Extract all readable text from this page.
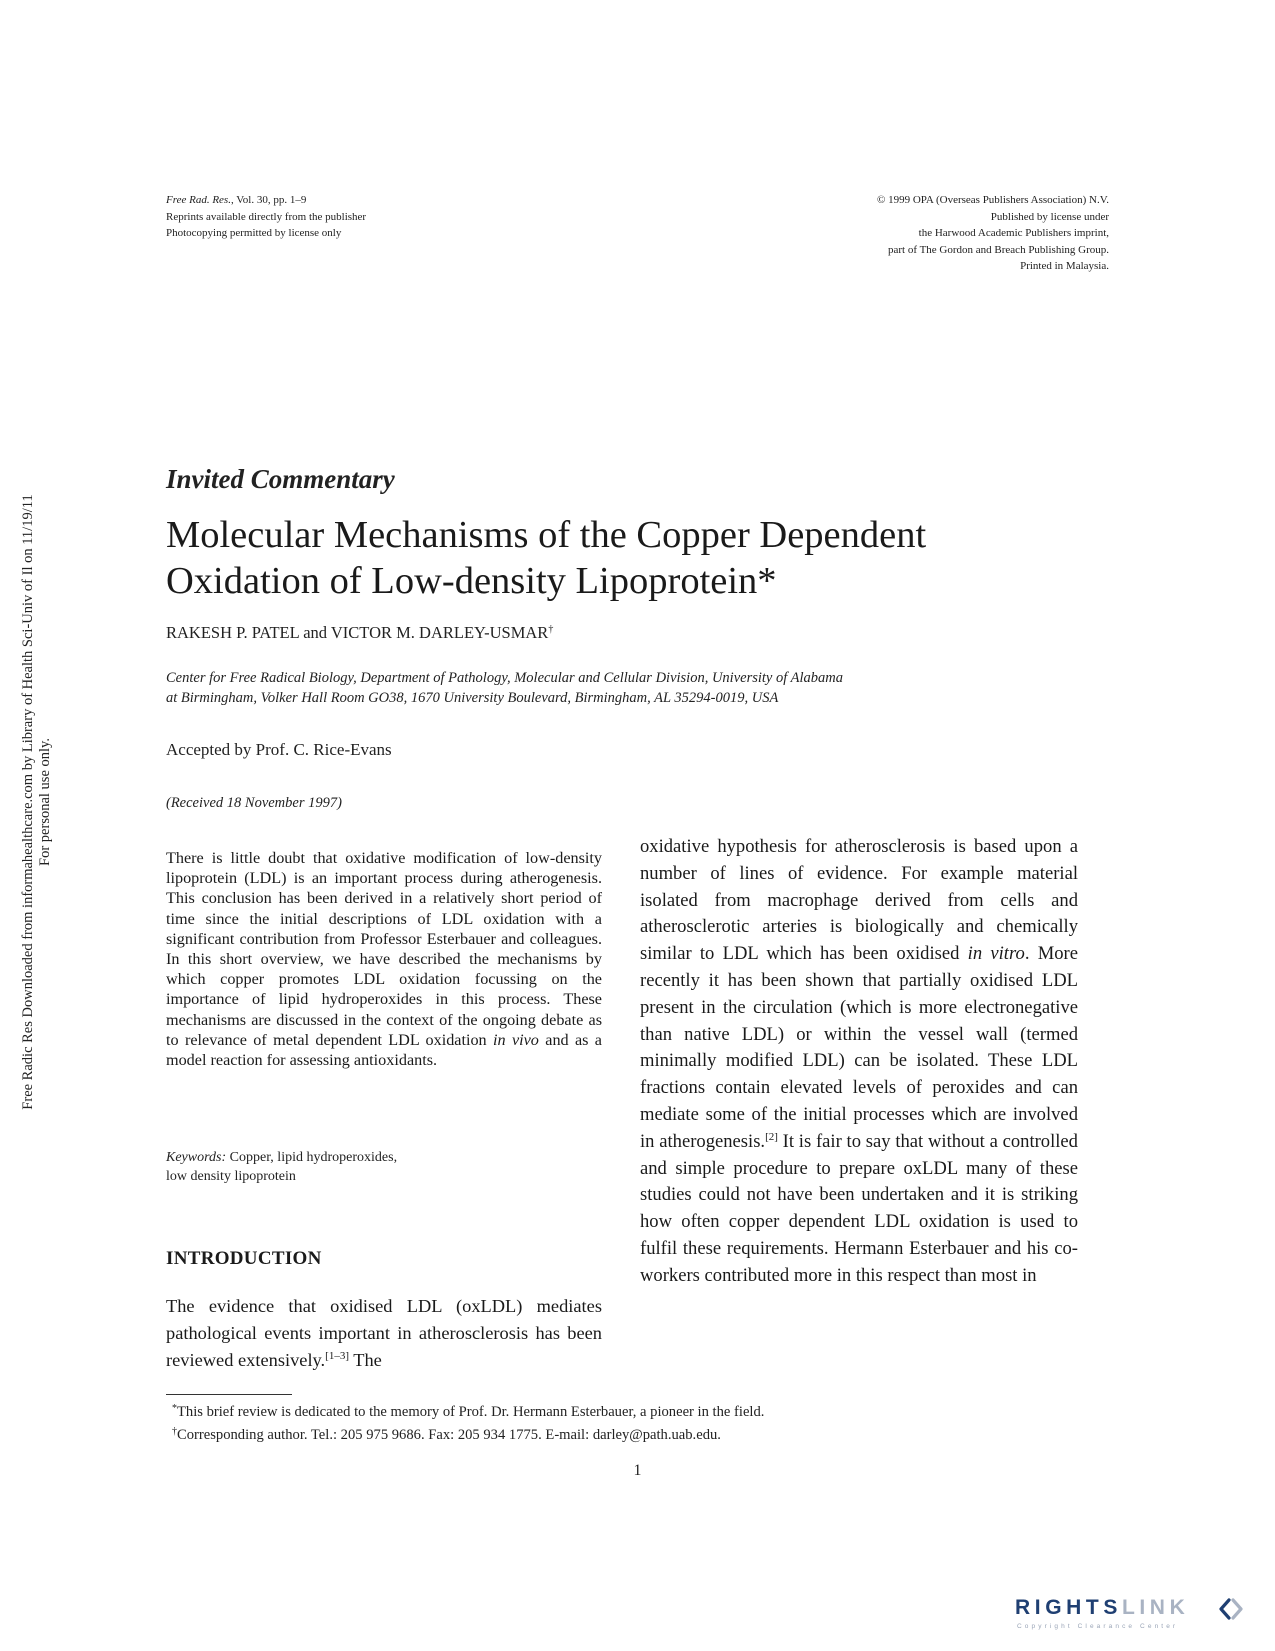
Free Radic Res Downloaded from informahealthcare.com by Library of Health Sci-Univ of Il on 11/19/11 For personal use only.
Free Rad. Res., Vol. 30, pp. 1–9
Reprints available directly from the publisher
Photocopying permitted by license only
© 1999 OPA (Overseas Publishers Association) N.V.
Published by license under
the Harwood Academic Publishers imprint,
part of The Gordon and Breach Publishing Group.
Printed in Malaysia.
Invited Commentary
Molecular Mechanisms of the Copper Dependent
Oxidation of Low-density Lipoprotein*
RAKESH P. PATEL and VICTOR M. DARLEY-USMAR†
Center for Free Radical Biology, Department of Pathology, Molecular and Cellular Division, University of Alabama
at Birmingham, Volker Hall Room GO38, 1670 University Boulevard, Birmingham, AL 35294-0019, USA
Accepted by Prof. C. Rice-Evans
(Received 18 November 1997)
There is little doubt that oxidative modification of low-density lipoprotein (LDL) is an important process during atherogenesis. This conclusion has been derived in a relatively short period of time since the initial descriptions of LDL oxidation with a significant contribution from Professor Esterbauer and colleagues. In this short overview, we have described the mechanisms by which copper promotes LDL oxidation focussing on the importance of lipid hydroperoxides in this process. These mechanisms are discussed in the context of the ongoing debate as to relevance of metal dependent LDL oxidation in vivo and as a model reaction for assessing antioxidants.
Keywords: Copper, lipid hydroperoxides,
low density lipoprotein
INTRODUCTION
The evidence that oxidised LDL (oxLDL) mediates pathological events important in atherosclerosis has been reviewed extensively.[1–3] The
oxidative hypothesis for atherosclerosis is based upon a number of lines of evidence. For example material isolated from macrophage derived from cells and atherosclerotic arteries is biologically and chemically similar to LDL which has been oxidised in vitro. More recently it has been shown that partially oxidised LDL present in the circulation (which is more electronegative than native LDL) or within the vessel wall (termed minimally modified LDL) can be isolated. These LDL fractions contain elevated levels of peroxides and can mediate some of the initial processes which are involved in atherogenesis.[2] It is fair to say that without a controlled and simple procedure to prepare oxLDL many of these studies could not have been undertaken and it is striking how often copper dependent LDL oxidation is used to fulfil these requirements. Hermann Esterbauer and his co-workers contributed more in this respect than most in
*This brief review is dedicated to the memory of Prof. Dr. Hermann Esterbauer, a pioneer in the field.
†Corresponding author. Tel.: 205 975 9686. Fax: 205 934 1775. E-mail: darley@path.uab.edu.
1
RIGHTSLINK
Copyright Clearance Center
